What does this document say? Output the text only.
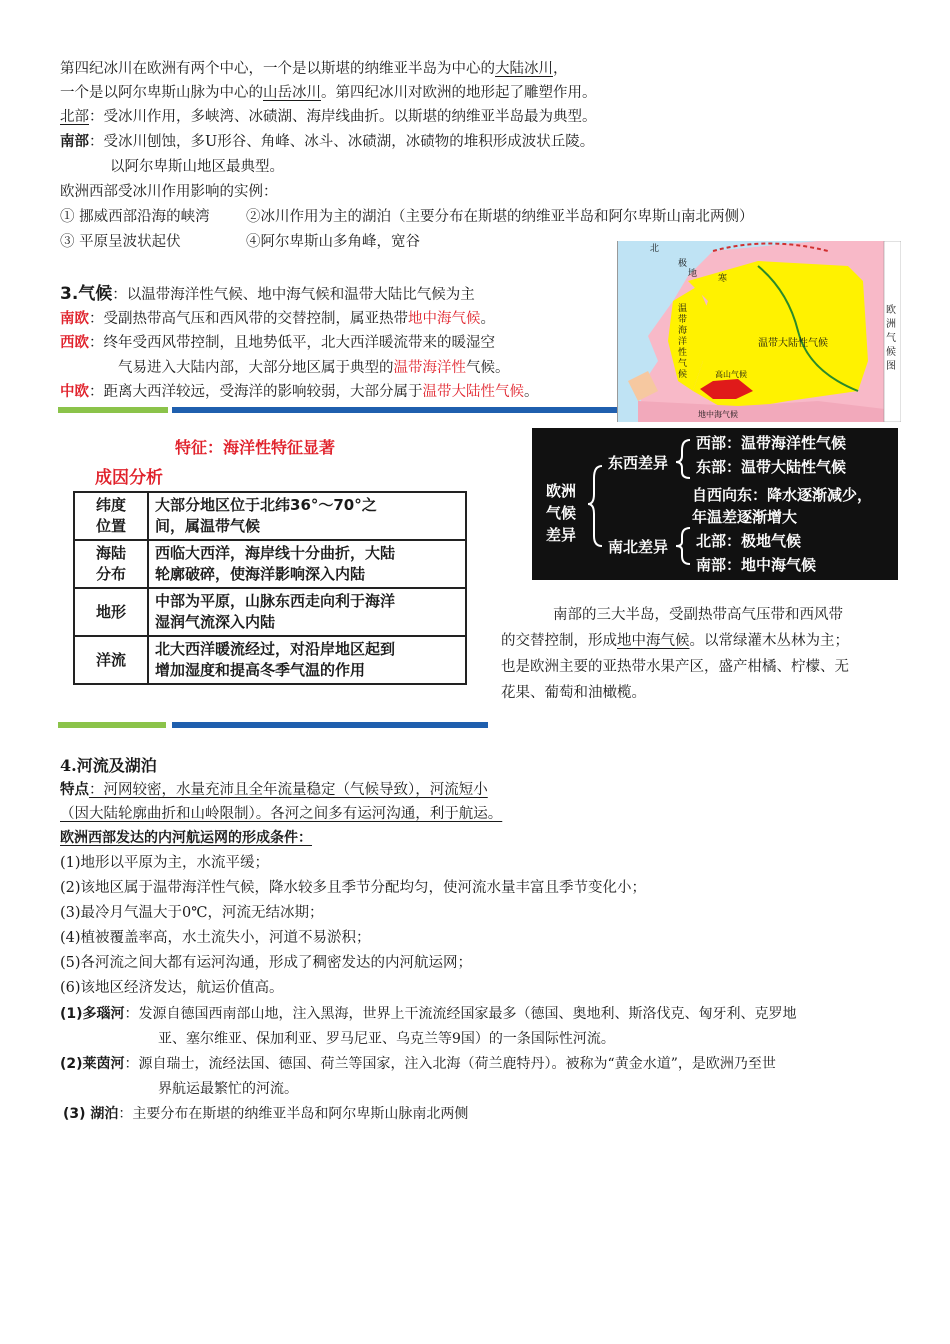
第四纪冰川在欧洲有两个中心，一个是以斯堪的纳维亚半岛为中心的大陆冰川，
一个是以阿尔卑斯山脉为中心的山岳冰川。第四纪冰川对欧洲的地形起了雕塑作用。
北部：受冰川作用，多峡湾、冰碛湖、海岸线曲折。以斯堪的纳维亚半岛最为典型。
南部：受冰川刨蚀，多U形谷、角峰、冰斗、冰碛湖，冰碛物的堆积形成波状丘陵。
以阿尔卑斯山地区最典型。
欧洲西部受冰川作用影响的实例：
① 挪威西部沿海的峡湾	②冰川作用为主的湖泊（主要分布在斯堪的纳维亚半岛和阿尔卑斯山南北两侧）
③ 平原呈波状起伏	④阿尔卑斯山多角峰，宽谷
3.气候：以温带海洋性气候、地中海气候和温带大陆比气候为主
南欧：受副热带高气压和西风带的交替控制，属亚热带地中海气候。
西欧：终年受西风带控制，且地势低平，北大西洋暖流带来的暖湿空
气易进入大陆内部，大部分地区属于典型的温带海洋性气候。
中欧：距离大西洋较远，受海洋的影响较弱，大部分属于温带大陆性气候。
北
极
地 寒
温
带
海
洋
性
气
候
温带大陆性气候
高山气候
地中海气候
欧
洲
气
候
图
特征：海洋性特征显著
成因分析
纬度
位置	大部分地区位于北纬36°～70°之
间，属温带气候
海陆
分布	西临大西洋，海岸线十分曲折，大陆
轮廓破碎，使海洋影响深入内陆
地形	中部为平原，山脉东西走向利于海洋
湿润气流深入内陆
洋流	北大西洋暖流经过，对沿岸地区起到
增加湿度和提高冬季气温的作用
欧洲
气候
差异
东西差异
西部：温带海洋性气候
东部：温带大陆性气候
自西向东：降水逐渐减少，
年温差逐渐增大
南北差异 北部：极地气候
南部：地中海气候
南部的三大半岛，受副热带高气压带和西风带
的交替控制，形成地中海气候。以常绿灌木丛林为主；
也是欧洲主要的亚热带水果产区，盛产柑橘、柠檬、无
花果、葡萄和油橄榄。
4.河流及湖泊
特点：河网较密，水量充沛且全年流量稳定（气候导致），河流短小
（因大陆轮廓曲折和山岭限制）。各河之间多有运河沟通，利于航运。
欧洲西部发达的内河航运网的形成条件：
(1)地形以平原为主，水流平缓；
(2)该地区属于温带海洋性气候，降水较多且季节分配均匀，使河流水量丰富且季节变化小；
(3)最冷月气温大于0℃，河流无结冰期；
(4)植被覆盖率高，水土流失小，河道不易淤积；
(5)各河流之间大都有运河沟通，形成了稠密发达的内河航运网；
(6)该地区经济发达，航运价值高。
(1)多瑙河：发源自德国西南部山地，注入黑海，世界上干流流经国家最多（德国、奥地利、斯洛伐克、匈牙利、克罗地
亚、塞尔维亚、保加利亚、罗马尼亚、乌克兰等9国）的一条国际性河流。
(2)莱茵河：源自瑞士，流经法国、德国、荷兰等国家，注入北海（荷兰鹿特丹）。被称为“黄金水道”，是欧洲乃至世
界航运最繁忙的河流。
(3) 湖泊：主要分布在斯堪的纳维亚半岛和阿尔卑斯山脉南北两侧
